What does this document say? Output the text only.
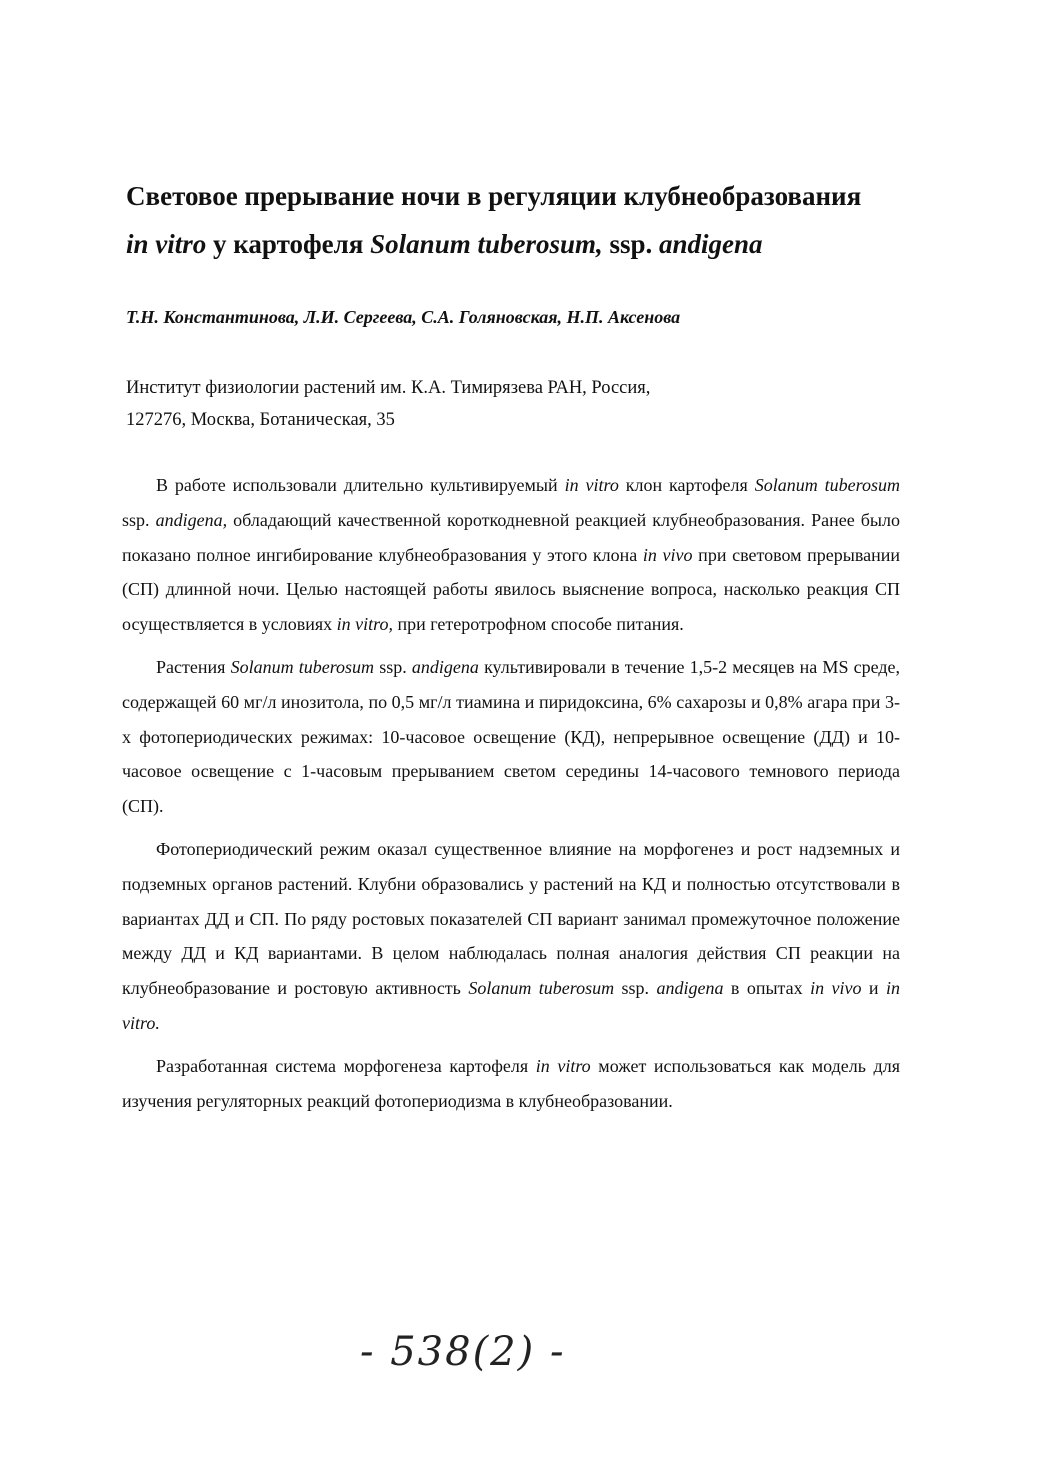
Световое прерывание ночи в регуляции клубнеобразования
in vitro у картофеля Solanum tuberosum, ssp. andigena

Т.Н. Константинова, Л.И. Сергеева, С.А. Голяновская, Н.П. Аксенова

Институт физиологии растений им. К.А. Тимирязева РАН, Россия,
127276, Москва, Ботаническая, 35

В работе использовали длительно культивируемый in vitro клон картофеля Solanum tuberosum ssp. andigena, обладающий качественной короткодневной реакцией клубнеобразования. Ранее было показано полное ингибирование клубнеобразования у этого клона in vivo при световом прерывании (СП) длинной ночи. Целью настоящей работы явилось выяснение вопроса, насколько реакция СП осуществляется в условиях in vitro, при гетеротрофном способе питания.

Растения Solanum tuberosum ssp. andigena культивировали в течение 1,5-2 месяцев на MS среде, содержащей 60 мг/л инозитола, по 0,5 мг/л тиамина и пиридоксина, 6% сахарозы и 0,8% агара при 3-х фотопериодических режимах: 10-часовое освещение (КД), непрерывное освещение (ДД) и 10-часовое освещение с 1-часовым прерыванием светом середины 14-часового темнового периода (СП).

Фотопериодический режим оказал существенное влияние на морфогенез и рост надземных и подземных органов растений. Клубни образовались у растений на КД и полностью отсутствовали в вариантах ДД и СП. По ряду ростовых показателей СП вариант занимал промежуточное положение между ДД и КД вариантами. В целом наблюдалась полная аналогия действия СП реакции на клубнеобразование и ростовую активность Solanum tuberosum ssp. andigena в опытах in vivo и in vitro.

Разработанная система морфогенеза картофеля in vitro может использоваться как модель для изучения регуляторных реакций фотопериодизма в клубнеобразовании.

- 538(2) -
